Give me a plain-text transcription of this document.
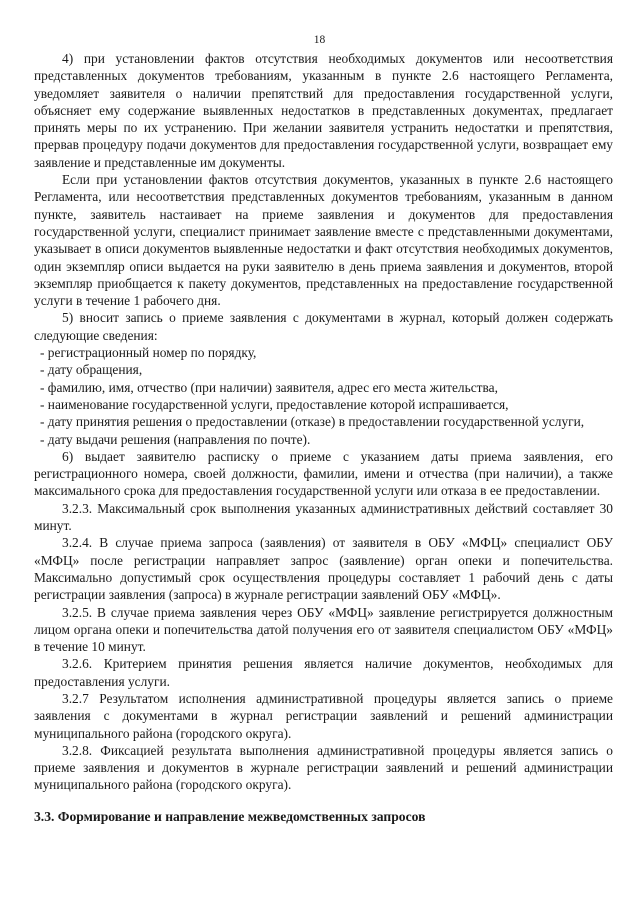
18

4) при установлении фактов отсутствия необходимых документов или несоответствия представленных документов требованиям, указанным в пункте 2.6 настоящего Регламента, уведомляет заявителя о наличии препятствий для предоставления государственной услуги, объясняет ему содержание выявленных недостатков в представленных документах, предлагает принять меры по их устранению. При желании заявителя устранить недостатки и препятствия, прервав процедуру подачи документов для предоставления государственной услуги, возвращает ему заявление и представленные им документы.

Если при установлении фактов отсутствия документов, указанных в пункте 2.6 настоящего Регламента, или несоответствия представленных документов требованиям, указанным в данном пункте, заявитель настаивает на приеме заявления и документов для предоставления государственной услуги, специалист принимает заявление вместе с представленными документами, указывает в описи документов выявленные недостатки и факт отсутствия необходимых документов, один экземпляр описи выдается на руки заявителю в день приема заявления и документов, второй экземпляр приобщается к пакету документов, представленных на предоставление государственной услуги в течение 1 рабочего дня.

5) вносит запись о приеме заявления с документами в журнал, который должен содержать следующие сведения:

- регистрационный номер по порядку,

- дату обращения,

- фамилию, имя, отчество (при наличии) заявителя, адрес его места жительства,

- наименование государственной услуги, предоставление которой испрашивается,

- дату принятия решения о предоставлении (отказе) в предоставлении государственной услуги,

- дату выдачи решения (направления по почте).

6) выдает заявителю расписку о приеме с указанием даты приема заявления, его регистрационного номера, своей должности, фамилии, имени и отчества (при наличии), а также максимального срока для предоставления государственной услуги или отказа в ее предоставлении.

3.2.3. Максимальный срок выполнения указанных административных действий составляет 30 минут.

3.2.4. В случае приема запроса (заявления) от заявителя в ОБУ «МФЦ» специалист ОБУ «МФЦ» после регистрации направляет запрос (заявление) орган опеки и попечительства. Максимально допустимый срок осуществления процедуры составляет 1 рабочий день с даты регистрации заявления (запроса) в журнале регистрации заявлений ОБУ «МФЦ».

3.2.5. В случае приема заявления через ОБУ «МФЦ» заявление регистрируется должностным лицом органа опеки и попечительства датой получения его от заявителя специалистом ОБУ «МФЦ» в течение 10 минут.

3.2.6. Критерием принятия решения является наличие документов, необходимых для предоставления услуги.

3.2.7 Результатом исполнения административной процедуры является запись о приеме заявления с документами в журнал регистрации заявлений и решений администрации муниципального района (городского округа).

3.2.8. Фиксацией результата выполнения административной процедуры является запись о приеме заявления и документов в журнале регистрации заявлений и решений администрации муниципального района (городского округа).

3.3. Формирование и направление межведомственных запросов
